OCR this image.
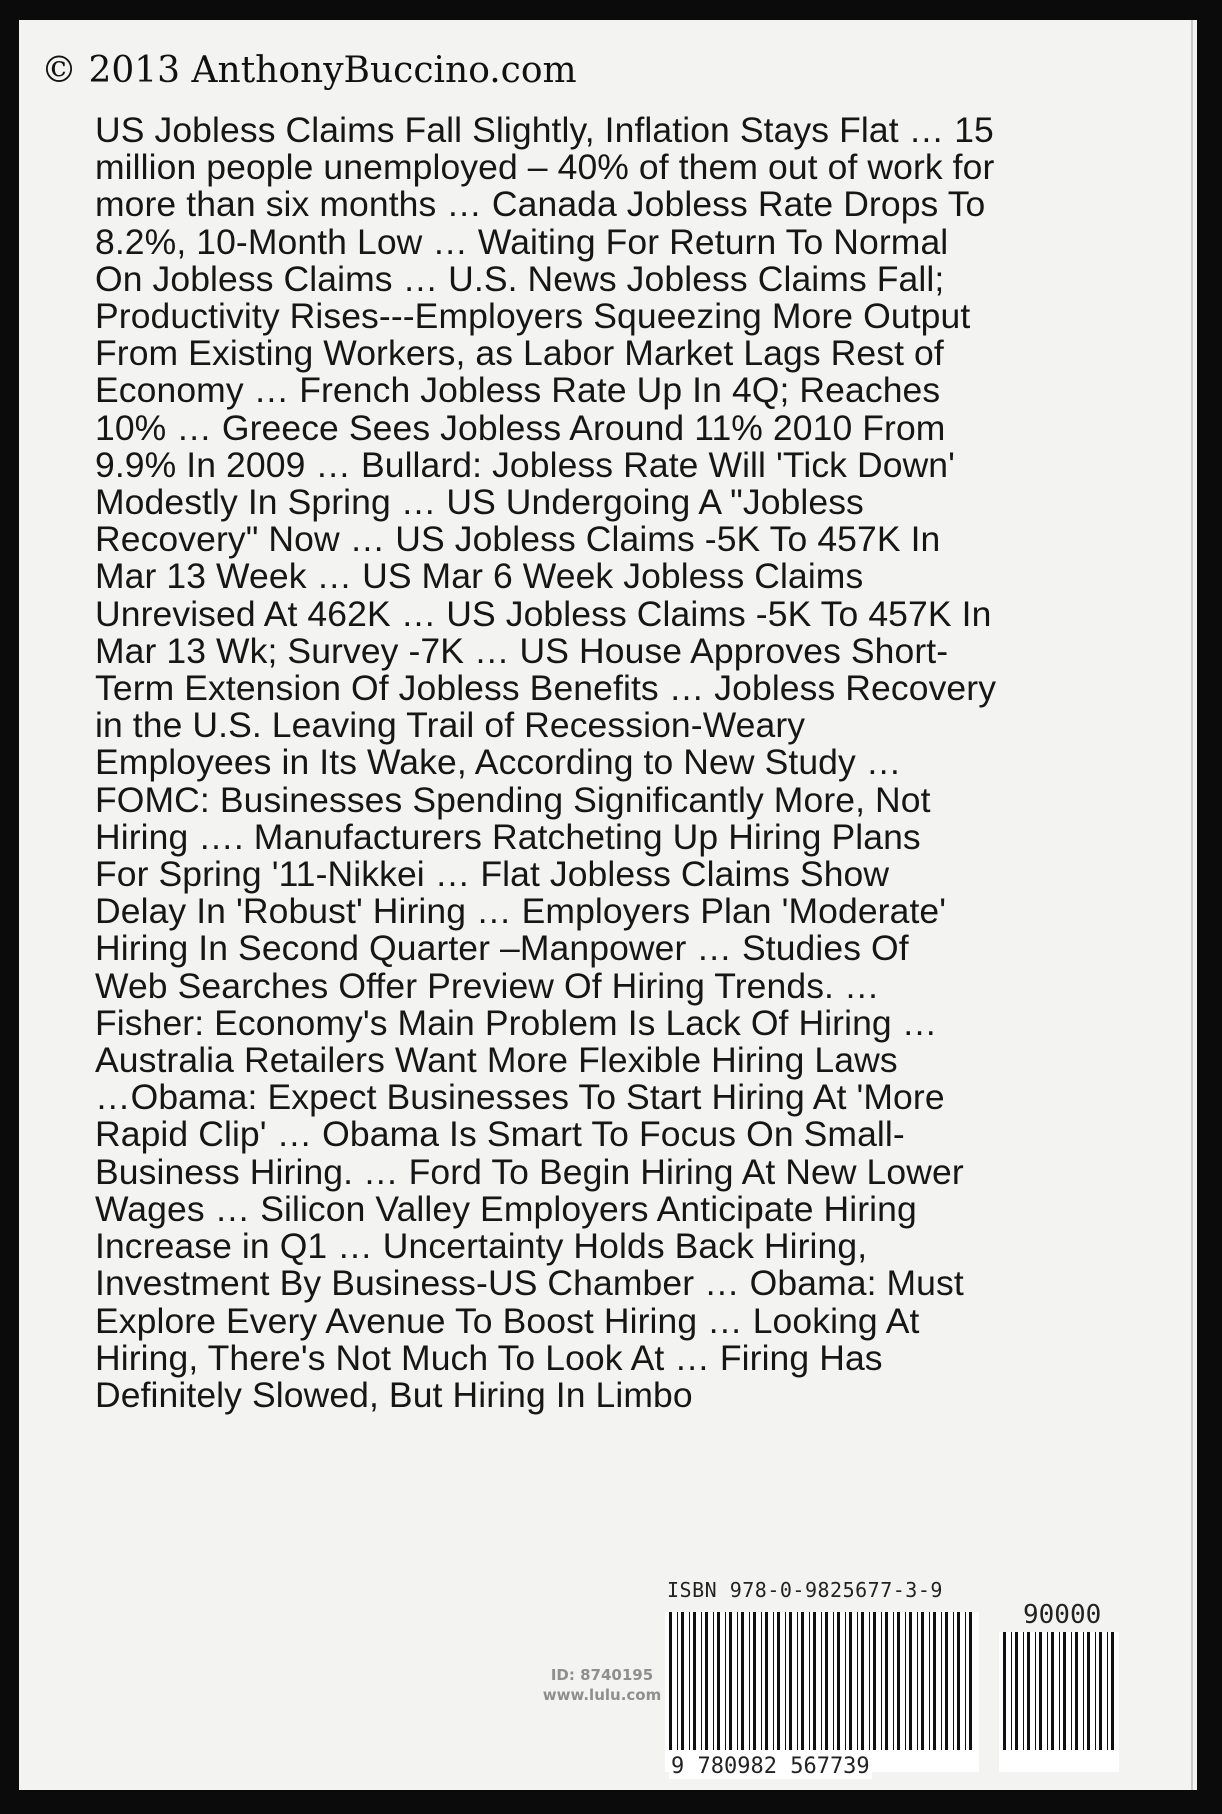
© 2013 AnthonyBuccino.com
US Jobless Claims Fall Slightly, Inflation Stays Flat … 15
million people unemployed – 40% of them out of work for
more than six months … Canada Jobless Rate Drops To
8.2%, 10-Month Low … Waiting For Return To Normal
On Jobless Claims … U.S. News Jobless Claims Fall;
Productivity Rises---Employers Squeezing More Output
From Existing Workers, as Labor Market Lags Rest of
Economy … French Jobless Rate Up In 4Q; Reaches
10% … Greece Sees Jobless Around 11% 2010 From
9.9% In 2009 … Bullard: Jobless Rate Will 'Tick Down'
Modestly In Spring … US Undergoing A "Jobless
Recovery" Now … US Jobless Claims -5K To 457K In
Mar 13 Week … US Mar 6 Week Jobless Claims
Unrevised At 462K … US Jobless Claims -5K To 457K In
Mar 13 Wk; Survey -7K … US House Approves Short-
Term Extension Of Jobless Benefits … Jobless Recovery
in the U.S. Leaving Trail of Recession-Weary
Employees in Its Wake, According to New Study …
FOMC: Businesses Spending Significantly More, Not
Hiring …. Manufacturers Ratcheting Up Hiring Plans
For Spring '11-Nikkei … Flat Jobless Claims Show
Delay In 'Robust' Hiring … Employers Plan 'Moderate'
Hiring In Second Quarter –Manpower … Studies Of
Web Searches Offer Preview Of Hiring Trends. …
Fisher: Economy's Main Problem Is Lack Of Hiring …
Australia Retailers Want More Flexible Hiring Laws
…Obama: Expect Businesses To Start Hiring At 'More
Rapid Clip' … Obama Is Smart To Focus On Small-
Business Hiring. … Ford To Begin Hiring At New Lower
Wages … Silicon Valley Employers Anticipate Hiring
Increase in Q1 … Uncertainty Holds Back Hiring,
Investment By Business-US Chamber … Obama: Must
Explore Every Avenue To Boost Hiring … Looking At
Hiring, There's Not Much To Look At … Firing Has
Definitely Slowed, But Hiring In Limbo
ID: 8740195
www.lulu.com
ISBN 978-0-9825677-3-9
90000
9 780982 567739
